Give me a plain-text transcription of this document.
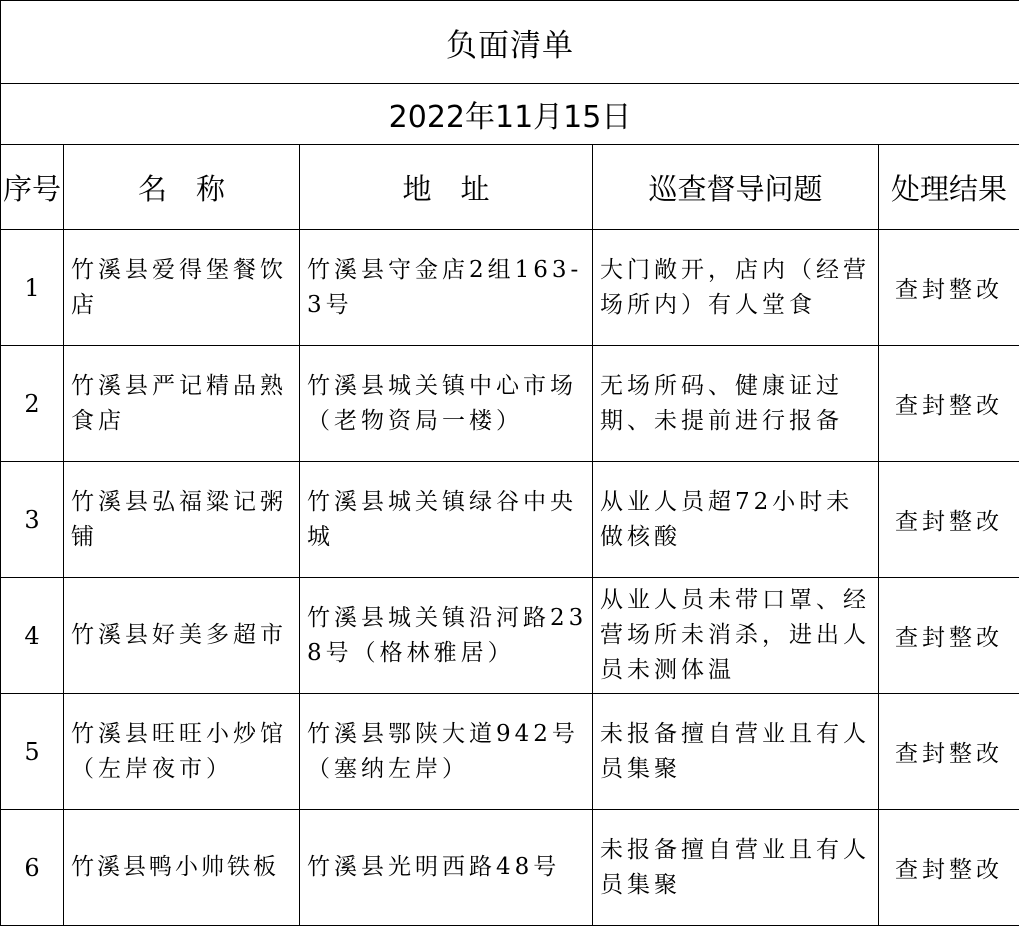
负面清单				
2022年11月15日				
序号	名　称	地　址	巡查督导问题	处理结果
1	竹溪县爱得堡餐饮店	竹溪县守金店2组163-3号	大门敞开，店内（经营场所内）有人堂食	查封整改
2	竹溪县严记精品熟食店	竹溪县城关镇中心市场（老物资局一楼）	无场所码、健康证过期、未提前进行报备	查封整改
3	竹溪县弘福粱记粥铺	竹溪县城关镇绿谷中央城	从业人员超72小时未做核酸	查封整改
4	竹溪县好美多超市	竹溪县城关镇沿河路238号（格林雅居）	从业人员未带口罩、经营场所未消杀，进出人员未测体温	查封整改
5	竹溪县旺旺小炒馆（左岸夜市）	竹溪县鄂陕大道942号（塞纳左岸）	未报备擅自营业且有人员集聚	查封整改
6	竹溪县鸭小帅铁板	竹溪县光明西路48号	未报备擅自营业且有人员集聚	查封整改
